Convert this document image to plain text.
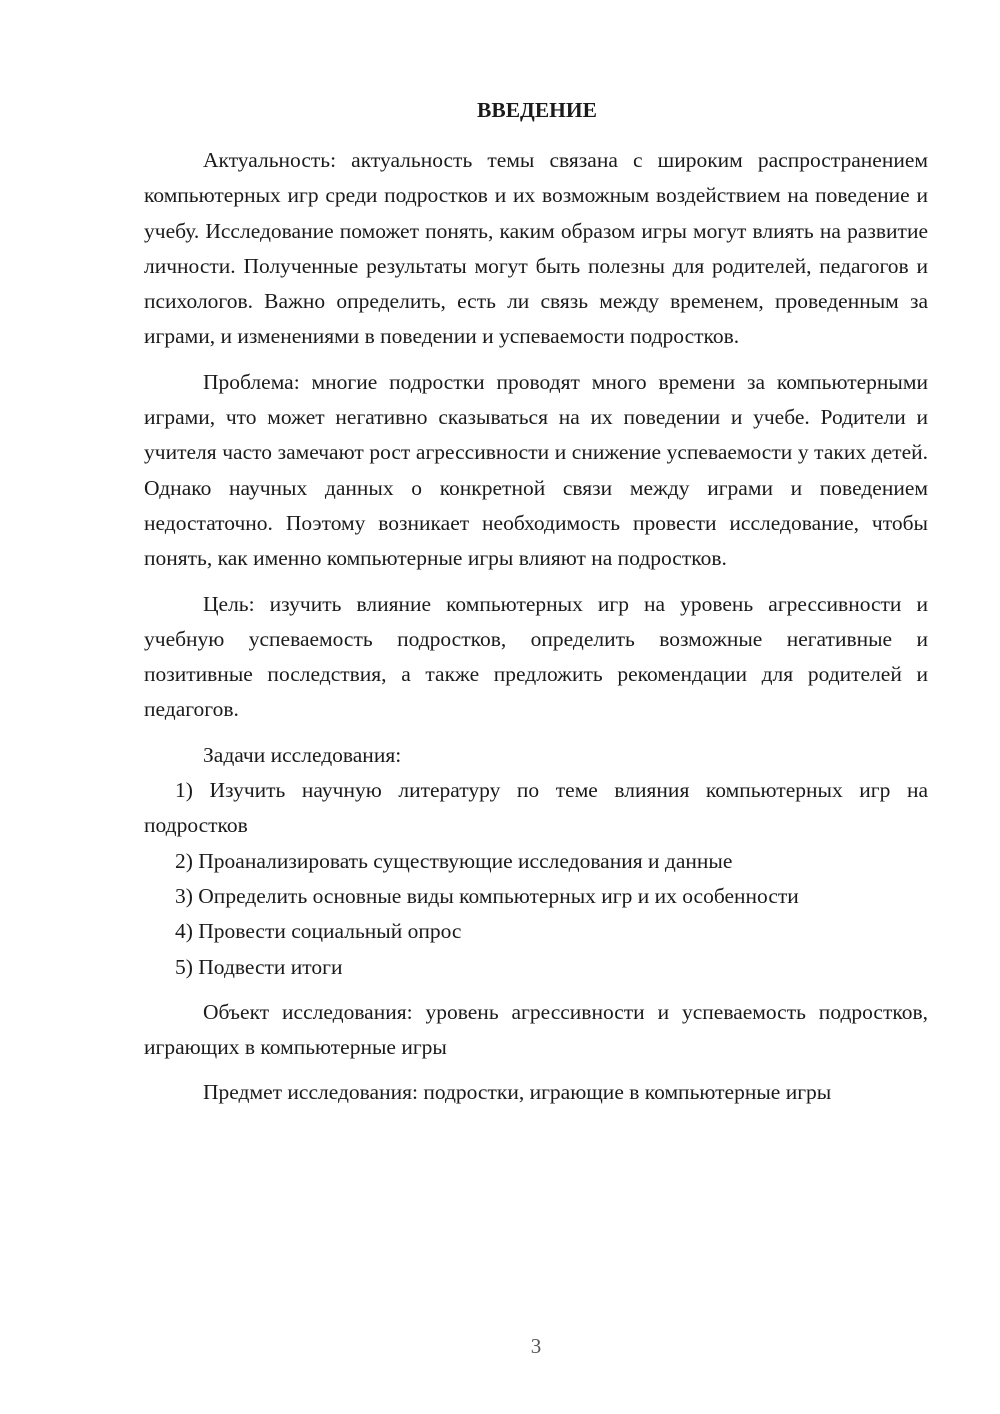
ВВЕДЕНИЕ

Актуальность: актуальность темы связана с широким распространением компьютерных игр среди подростков и их возможным воздействием на поведение и учебу. Исследование поможет понять, каким образом игры могут влиять на развитие личности. Полученные результаты могут быть полезны для родителей, педагогов и психологов. Важно определить, есть ли связь между временем, проведенным за играми, и изменениями в поведении и успеваемости подростков.

Проблема: многие подростки проводят много времени за компьютерными играми, что может негативно сказываться на их поведении и учебе. Родители и учителя часто замечают рост агрессивности и снижение успеваемости у таких детей. Однако научных данных о конкретной связи между играми и поведением недостаточно. Поэтому возникает необходимость провести исследование, чтобы понять, как именно компьютерные игры влияют на подростков.

Цель: изучить влияние компьютерных игр на уровень агрессивности и учебную успеваемость подростков, определить возможные негативные и позитивные последствия, а также предложить рекомендации для родителей и педагогов.

Задачи исследования:

1) Изучить научную литературу по теме влияния компьютерных игр на подростков

2) Проанализировать существующие исследования и данные

3) Определить основные виды компьютерных игр и их особенности

4) Провести социальный опрос

5) Подвести итоги

Объект исследования: уровень агрессивности и успеваемость подростков, играющих в компьютерные игры

Предмет исследования: подростки, играющие в компьютерные игры

3
